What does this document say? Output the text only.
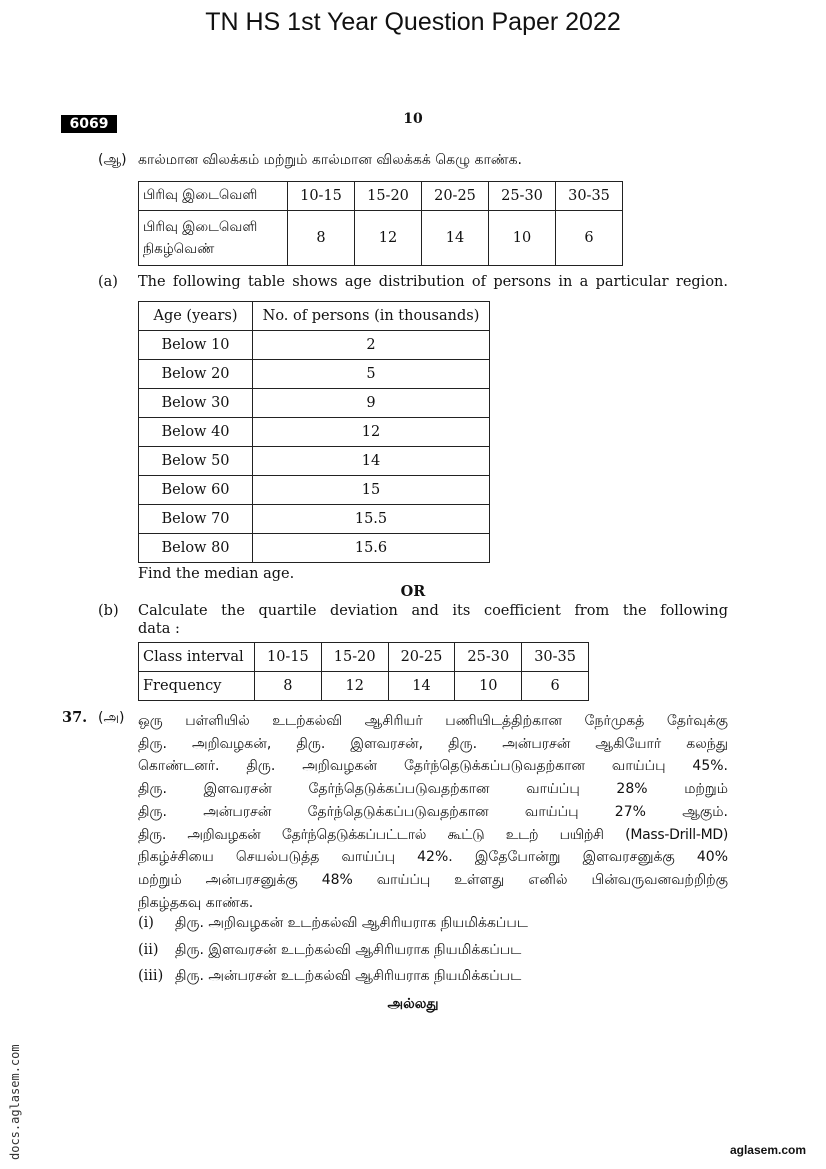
TN HS 1st Year Question Paper 2022
6069	10
(ஆ) கால்மான விலக்கம் மற்றும் கால்மான விலக்கக் கெழு காண்க.
பிரிவு இடைவெளி	10-15	15-20	20-25	25-30	30-35
பிரிவு இடைவெளி
நிகழ்வெண்	8	12	14	10	6
(a) The following table shows age distribution of persons in a particular region.
Age (years)	No. of persons (in thousands)
Below 10	2
Below 20	5
Below 30	9
Below 40	12
Below 50	14
Below 60	15
Below 70	15.5
Below 80	15.6
Find the median age.
OR
(b) Calculate the quartile deviation and its coefficient from the following
data :
Class interval	10-15	15-20	20-25	25-30	30-35
Frequency	8	12	14	10	6
37. (அ) ஒரு பள்ளியில் உடற்கல்வி ஆசிரியர் பணியிடத்திற்கான நேர்முகத் தேர்வுக்கு

திரு. அறிவழகன், திரு. இளவரசன், திரு. அன்பரசன் ஆகியோர் கலந்து

கொண்டனர். திரு. அறிவழகன் தேர்ந்தெடுக்கப்படுவதற்கான வாய்ப்பு 45%.

திரு. இளவரசன் தேர்ந்தெடுக்கப்படுவதற்கான வாய்ப்பு 28% மற்றும்

திரு. அன்பரசன் தேர்ந்தெடுக்கப்படுவதற்கான வாய்ப்பு 27% ஆகும்.

திரு. அறிவழகன் தேர்ந்தெடுக்கப்பட்டால் கூட்டு உடற் பயிற்சி (Mass-Drill-MD)

நிகழ்ச்சியை செயல்படுத்த வாய்ப்பு 42%. இதேபோன்று இளவரசனுக்கு 40%

மற்றும் அன்பரசனுக்கு 48% வாய்ப்பு உள்ளது எனில் பின்வருவனவற்றிற்கு

நிகழ்தகவு காண்க.

(i) திரு. அறிவழகன் உடற்கல்வி ஆசிரியராக நியமிக்கப்பட
(ii) திரு. இளவரசன் உடற்கல்வி ஆசிரியராக நியமிக்கப்பட
(iii) திரு. அன்பரசன் உடற்கல்வி ஆசிரியராக நியமிக்கப்பட
அல்லது
docs.aglasem.com	aglasem.com
